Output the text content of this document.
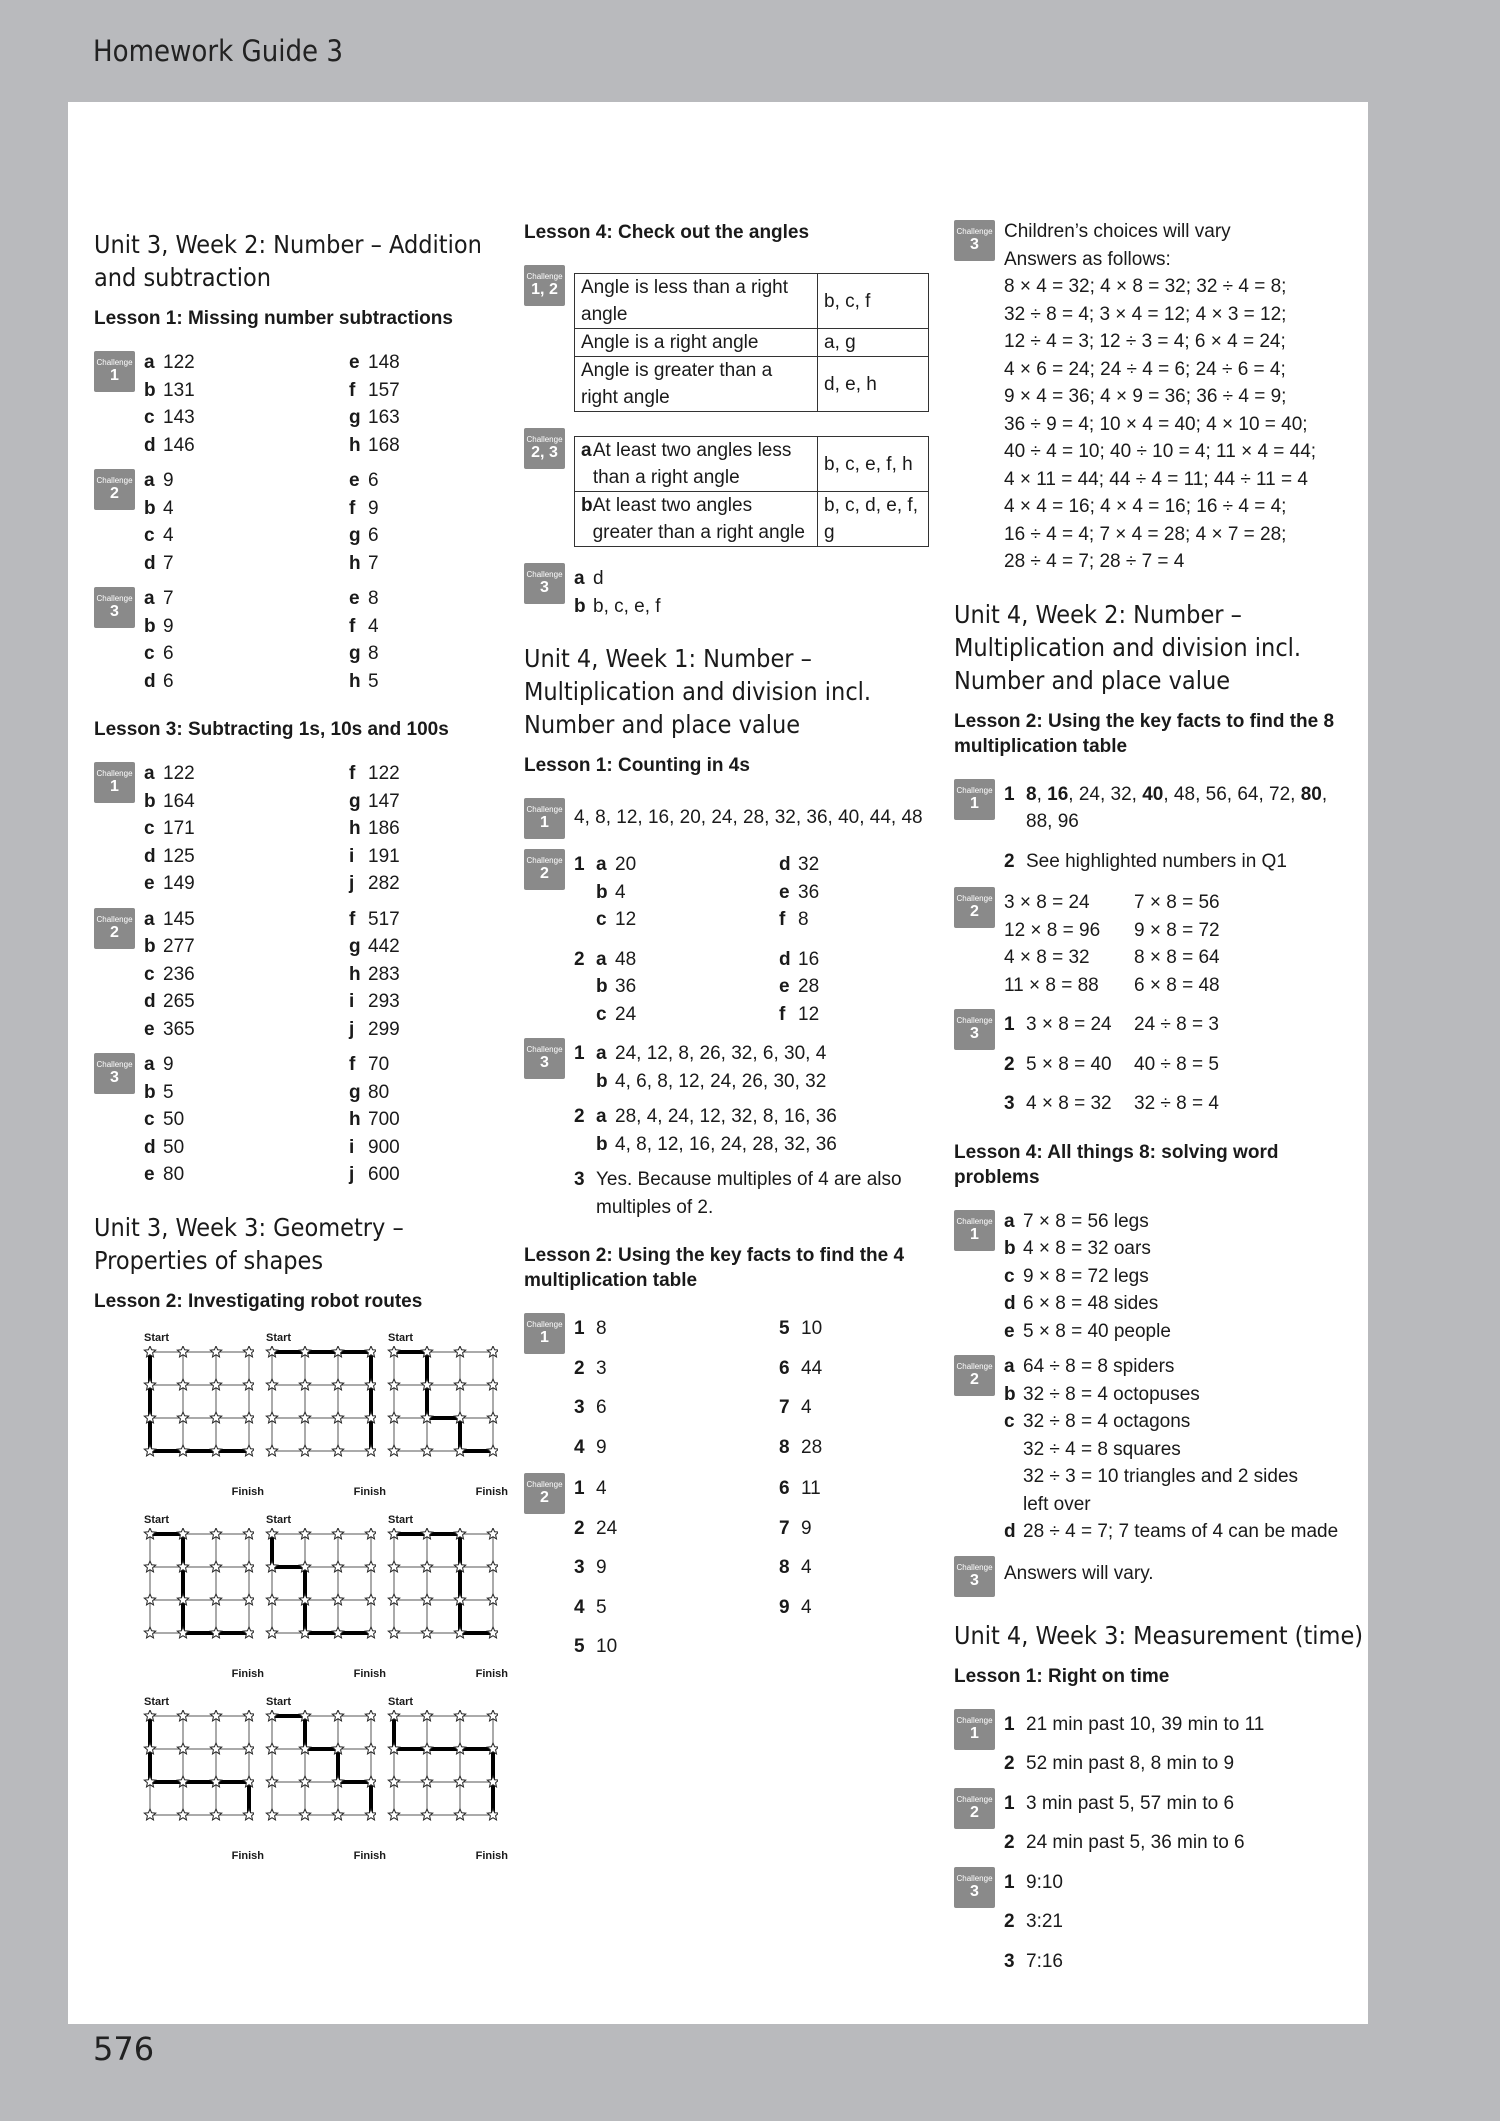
Homework Guide 3
576
Unit 3, Week 2: Number – Addition and subtraction
Lesson 1: Missing number subtractions
Challenge
1
a 122	e 148
b 131	f 157
c 143	g 163
d 146	h 168
Challenge
2
a 9	e 6
b 4	f 9
c 4	g 6
d 7	h 7
Challenge
3
a 7	e 8
b 9	f 4
c 6	g 8
d 6	h 5
Lesson 3: Subtracting 1s, 10s and 100s
Challenge
1
a 122	f 122
b 164	g 147
c 171	h 186
d 125	i 191
e 149	j 282
Challenge
2
a 145	f 517
b 277	g 442
c 236	h 283
d 265	i 293
e 365	j 299
Challenge
3
a 9	f 70
b 5	g 80
c 50	h 700
d 50	i 900
e 80	j 600
Unit 3, Week 3: Geometry – Properties of shapes
Lesson 2: Investigating robot routes
Start
Finish
Start
Finish
Start
Finish
Start
Finish
Start
Finish
Start
Finish
Start
Finish
Start
Finish
Start
Finish
Lesson 4: Check out the angles
Challenge
1, 2 Angle is less than a right angle	b, c, f
Angle is a right angle	a, g
Angle is greater than a right angle	d, e, h
Challenge
2, 3 a At least two angles less than a right angle	b, c, e, f, h

b At least two angles greater than a right angle	b, c, d, e, f, g
Challenge
3 a d
b b, c, e, f
Unit 4, Week 1: Number – Multiplication and division incl. Number and place value
Lesson 1: Counting in 4s
Challenge
1 4, 8, 12, 16, 20, 24, 28, 32, 36, 40, 44, 48
Challenge
2 1 a 20	d 32
b 4	e 36
c 12	f 8
2 a 48	d 16
b 36	e 28
c 24	f 12
Challenge
3 1 a 24, 12, 8, 26, 32, 6, 30, 4
b 4, 6, 8, 12, 24, 26, 30, 32
2 a 28, 4, 24, 12, 32, 8, 16, 36
b 4, 8, 12, 16, 24, 28, 32, 36
3 Yes. Because multiples of 4 are also
multiples of 2.
Lesson 2: Using the key facts to find the 4 multiplication table
Challenge
1 1 8	5 10
2 3	6 44
3 6	7 4
4 9	8 28
Challenge
2 1 4	6 11
2 24	7 9
3 9	8 4
4 5	9 4
5 10
Challenge
3
Children’s choices will vary
Answers as follows:
8 × 4 = 32; 4 × 8 = 32; 32 ÷ 4 = 8;
32 ÷ 8 = 4; 3 × 4 = 12; 4 × 3 = 12;
12 ÷ 4 = 3; 12 ÷ 3 = 4; 6 × 4 = 24;
4 × 6 = 24; 24 ÷ 4 = 6; 24 ÷ 6 = 4;
9 × 4 = 36; 4 × 9 = 36; 36 ÷ 4 = 9;
36 ÷ 9 = 4; 10 × 4 = 40; 4 × 10 = 40;
40 ÷ 4 = 10; 40 ÷ 10 = 4; 11 × 4 = 44;
4 × 11 = 44; 44 ÷ 4 = 11; 44 ÷ 11 = 4
4 × 4 = 16; 4 × 4 = 16; 16 ÷ 4 = 4;
16 ÷ 4 = 4; 7 × 4 = 28; 4 × 7 = 28;
28 ÷ 4 = 7; 28 ÷ 7 = 4
Unit 4, Week 2: Number – Multiplication and division incl. Number and place value
Lesson 2: Using the key facts to find the 8 multiplication table
Challenge
1 1 8, 16, 24, 32, 40, 48, 56, 64, 72, 80,
88, 96
2 See highlighted numbers in Q1
Challenge
2 3 × 8 = 24	7 × 8 = 56
12 × 8 = 96	9 × 8 = 72
4 × 8 = 32	8 × 8 = 64
11 × 8 = 88	6 × 8 = 48
Challenge
3 1 3 × 8 = 24	24 ÷ 8 = 3
2 5 × 8 = 40	40 ÷ 8 = 5
3 4 × 8 = 32	32 ÷ 8 = 4
Lesson 4: All things 8: solving word problems
Challenge
1
a 7 × 8 = 56 legs
b 4 × 8 = 32 oars
c 9 × 8 = 72 legs
d 6 × 8 = 48 sides
e 5 × 8 = 40 people
Challenge
2
a 64 ÷ 8 = 8 spiders
b 32 ÷ 8 = 4 octopuses
c 32 ÷ 8 = 4 octagons
32 ÷ 4 = 8 squares
32 ÷ 3 = 10 triangles and 2 sides
left over
d 28 ÷ 4 = 7; 7 teams of 4 can be made
Challenge
3 Answers will vary.
Unit 4, Week 3: Measurement (time)
Lesson 1: Right on time
Challenge
1 1 21 min past 10, 39 min to 11
2 52 min past 8, 8 min to 9
Challenge
2 1 3 min past 5, 57 min to 6
2 24 min past 5, 36 min to 6
Challenge
3 1 9:10
2 3:21
3 7:16
